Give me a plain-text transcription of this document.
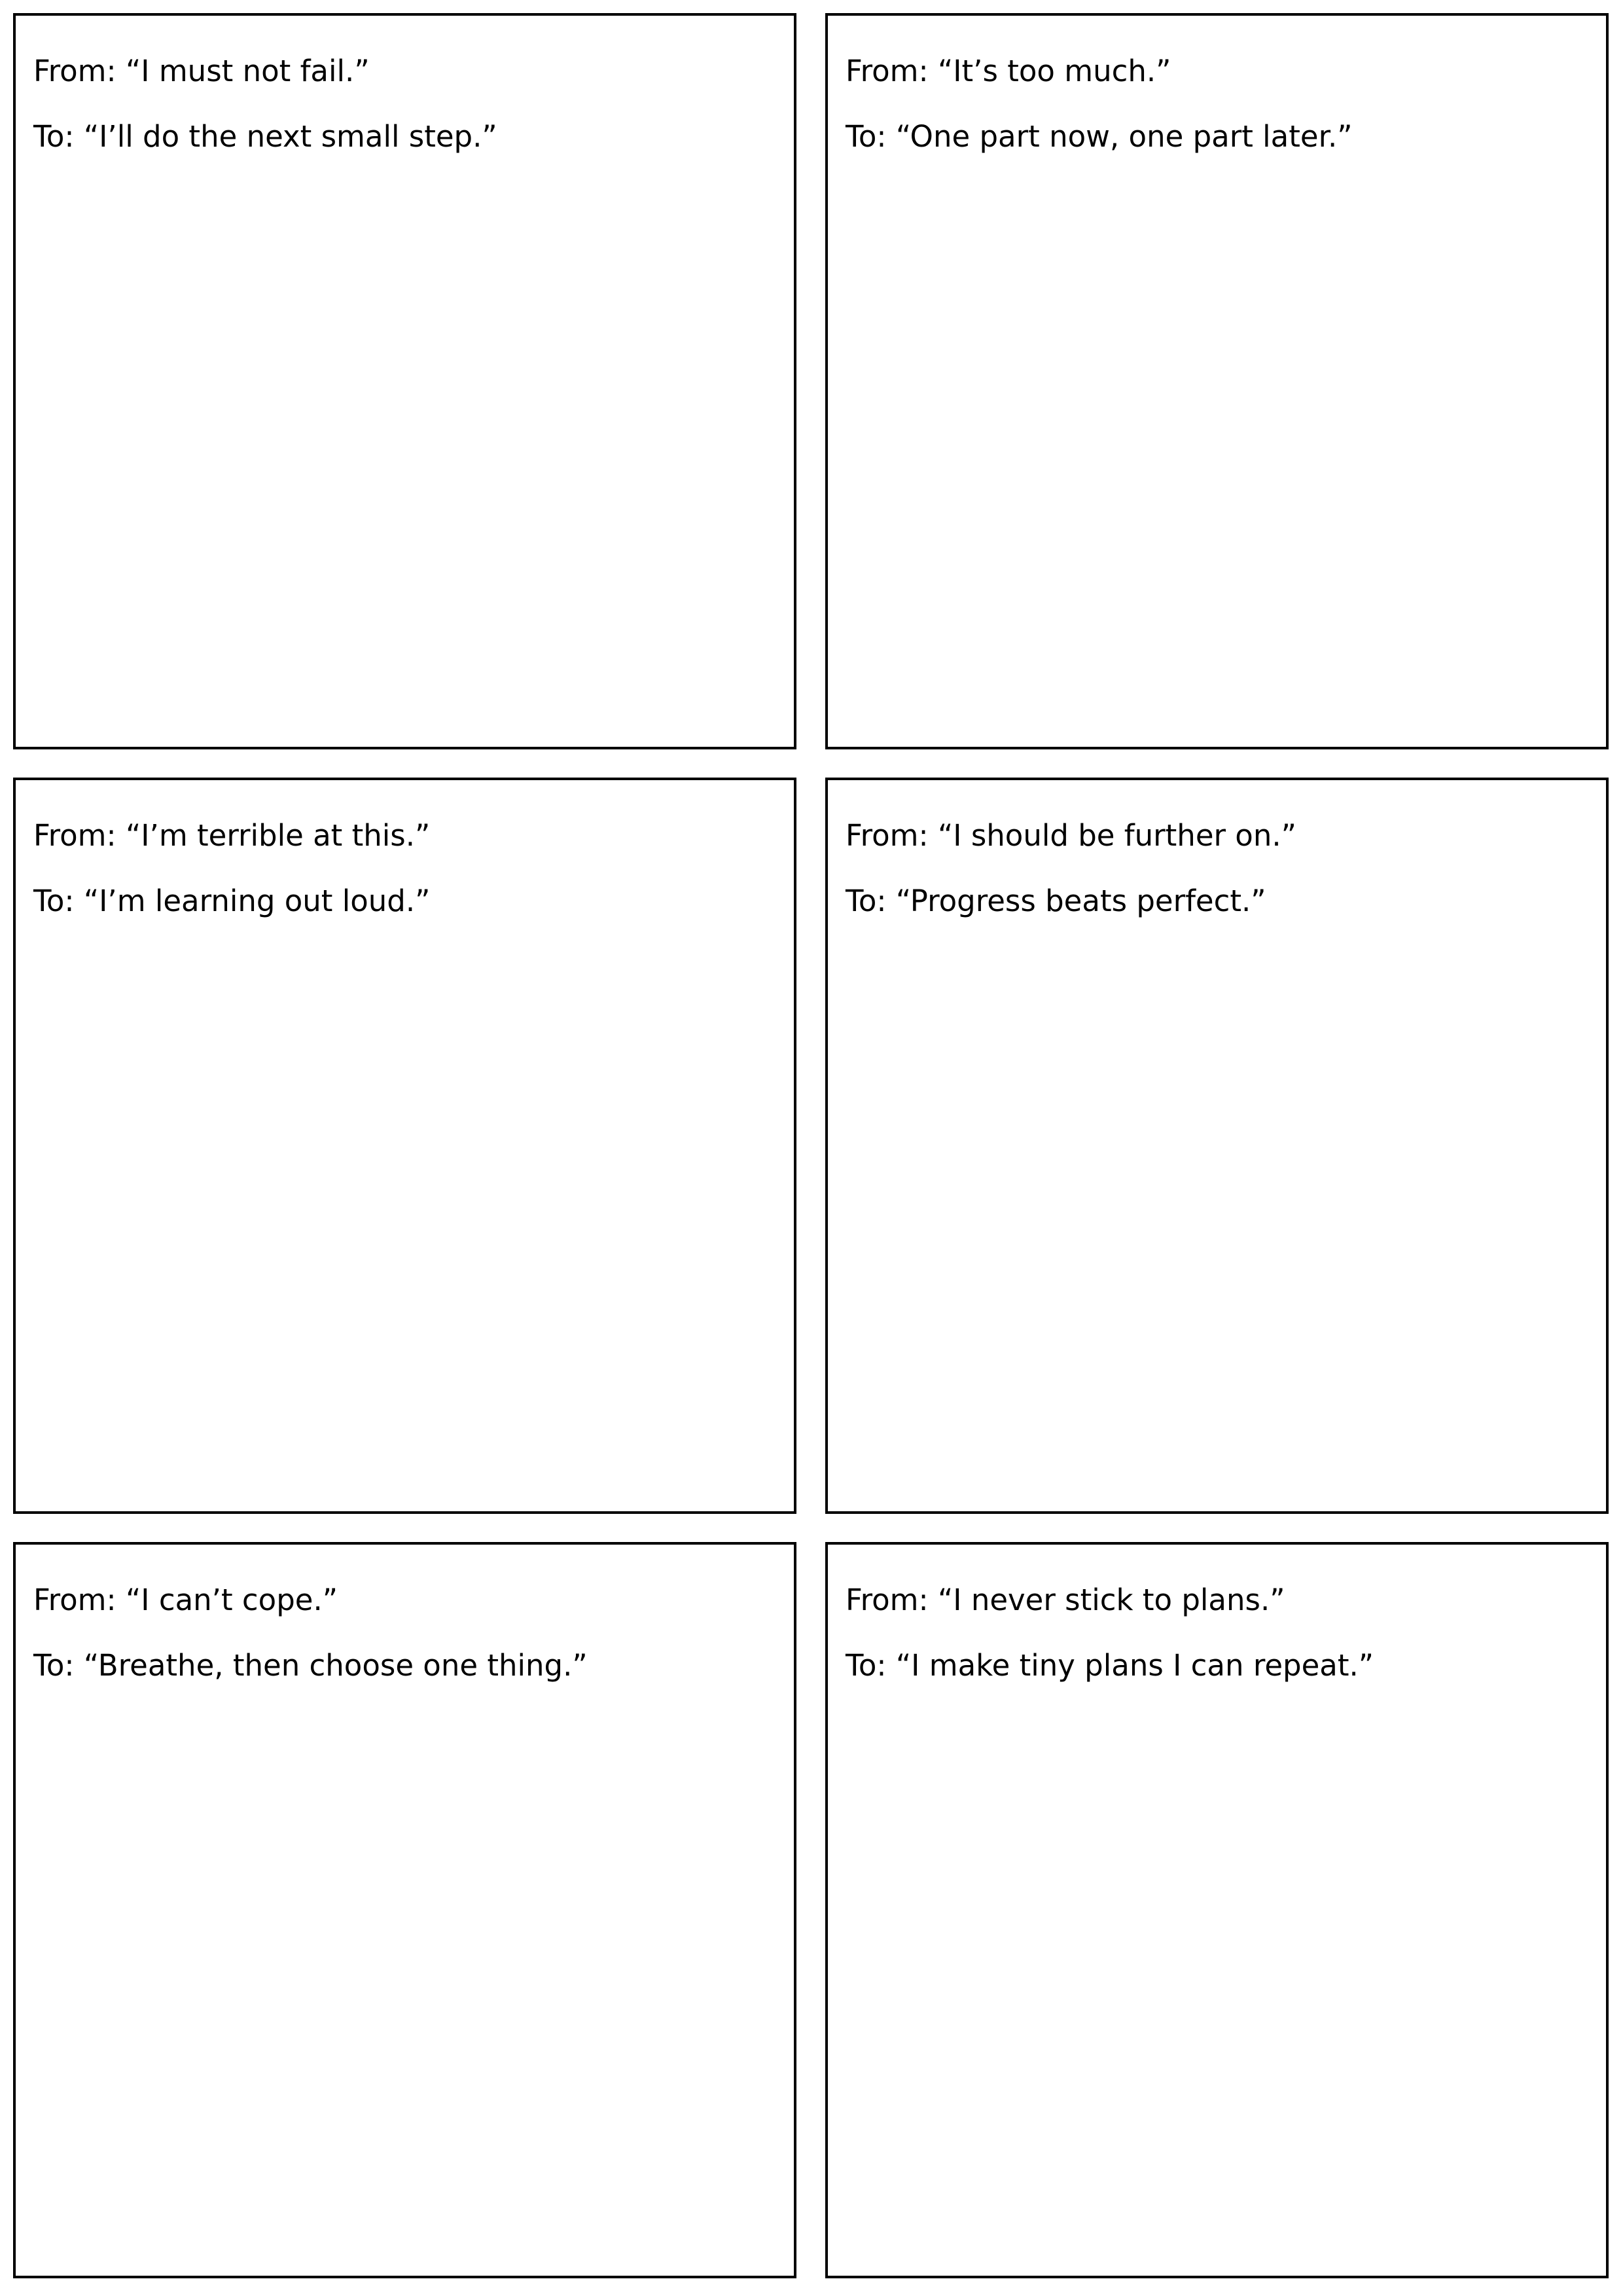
From: “I must not fail.”
To: “I’ll do the next small step.”
From: “It’s too much.”
To: “One part now, one part later.”
From: “I’m terrible at this.”
To: “I’m learning out loud.”
From: “I should be further on.”
To: “Progress beats perfect.”
From: “I can’t cope.”
To: “Breathe, then choose one thing.”
From: “I never stick to plans.”
To: “I make tiny plans I can repeat.”
